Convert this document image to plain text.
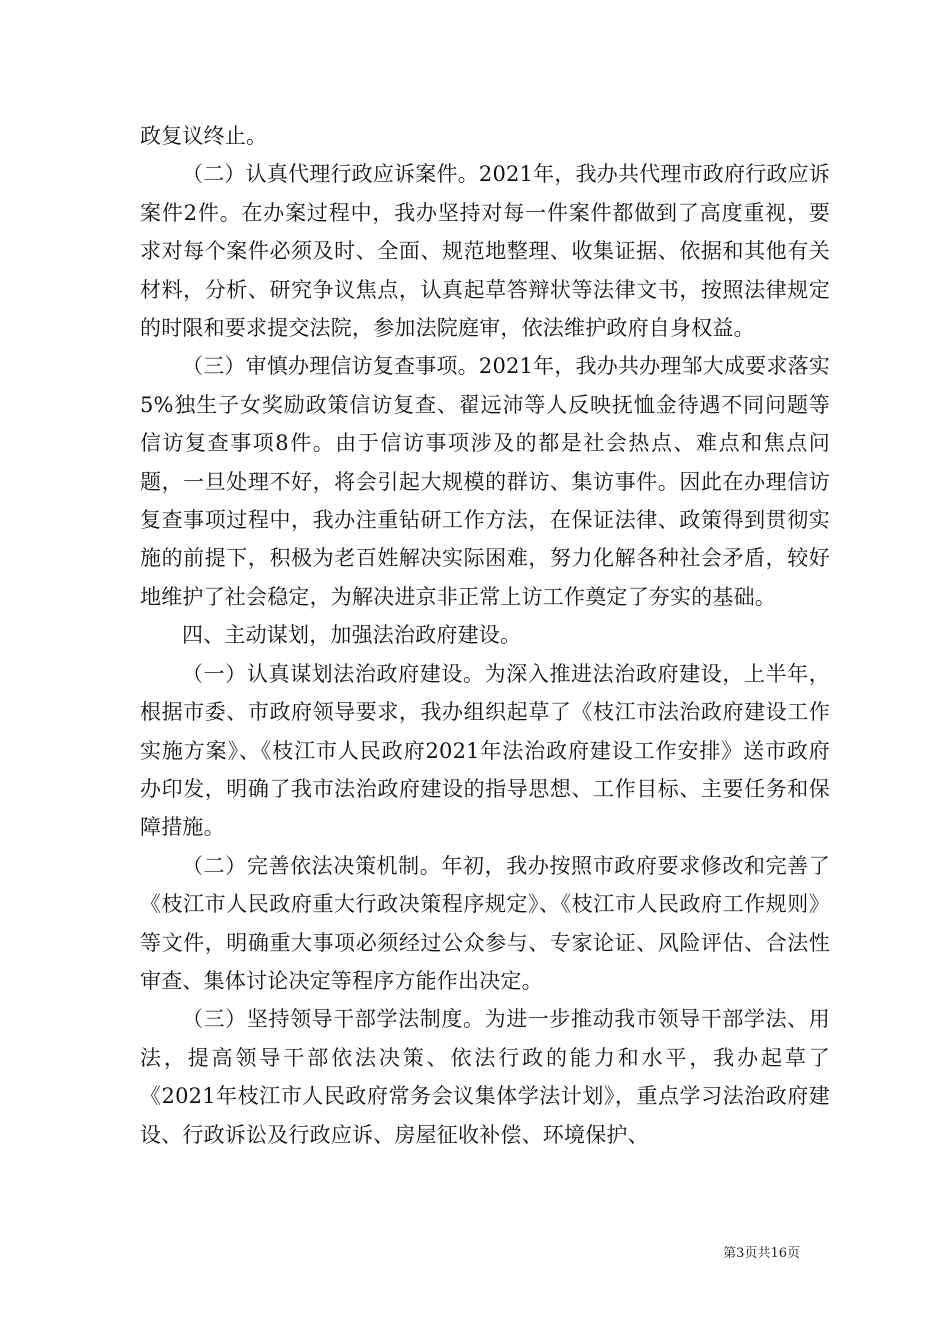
政复议终止。

（二）认真代理行政应诉案件。2021年，我办共代理市政府行政应诉案件2件。在办案过程中，我办坚持对每一件案件都做到了高度重视，要求对每个案件必须及时、全面、规范地整理、收集证据、依据和其他有关材料，分析、研究争议焦点，认真起草答辩状等法律文书，按照法律规定的时限和要求提交法院，参加法院庭审，依法维护政府自身权益。

（三）审慎办理信访复查事项。2021年，我办共办理邹大成要求落实5%独生子女奖励政策信访复查、翟远沛等人反映抚恤金待遇不同问题等信访复查事项8件。由于信访事项涉及的都是社会热点、难点和焦点问题，一旦处理不好，将会引起大规模的群访、集访事件。因此在办理信访复查事项过程中，我办注重钻研工作方法，在保证法律、政策得到贯彻实施的前提下，积极为老百姓解决实际困难，努力化解各种社会矛盾，较好地维护了社会稳定，为解决进京非正常上访工作奠定了夯实的基础。

四、主动谋划，加强法治政府建设。

（一）认真谋划法治政府建设。为深入推进法治政府建设，上半年，根据市委、市政府领导要求，我办组织起草了《枝江市法治政府建设工作实施方案》、《枝江市人民政府2021年法治政府建设工作安排》送市政府办印发，明确了我市法治政府建设的指导思想、工作目标、主要任务和保障措施。

（二）完善依法决策机制。年初，我办按照市政府要求修改和完善了《枝江市人民政府重大行政决策程序规定》、《枝江市人民政府工作规则》等文件，明确重大事项必须经过公众参与、专家论证、风险评估、合法性审查、集体讨论决定等程序方能作出决定。

（三）坚持领导干部学法制度。为进一步推动我市领导干部学法、用法，提高领导干部依法决策、依法行政的能力和水平，我办起草了《2021年枝江市人民政府常务会议集体学法计划》，重点学习法治政府建设、行政诉讼及行政应诉、房屋征收补偿、环境保护、

第3页共16页
